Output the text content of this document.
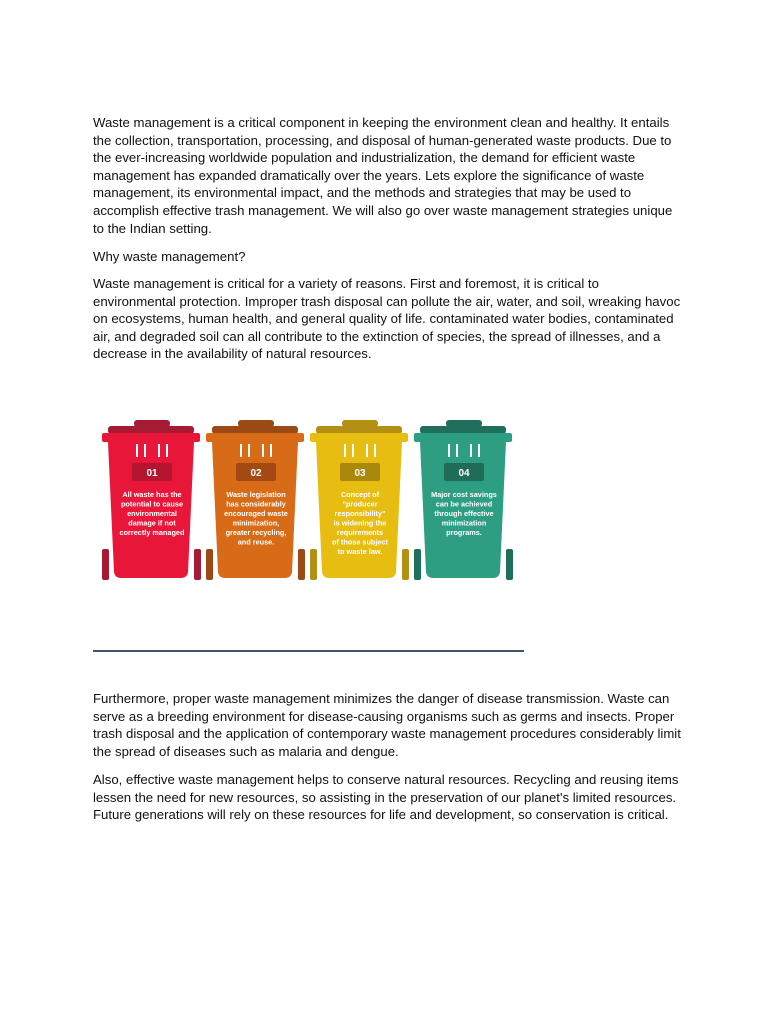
Waste management is a critical component in keeping the environment clean and healthy. It entails the collection, transportation, processing, and disposal of human-generated waste products. Due to the ever-increasing worldwide population and industrialization, the demand for efficient waste management has expanded dramatically over the years. Lets explore the significance of waste management, its environmental impact, and the methods and strategies that may be used to accomplish effective trash management. We will also go over waste management strategies unique to the Indian setting.

Why waste management?

Waste management is critical for a variety of reasons. First and foremost, it is critical to environmental protection. Improper trash disposal can pollute the air, water, and soil, wreaking havoc on ecosystems, human health, and general quality of life. contaminated water bodies, contaminated air, and degraded soil can all contribute to the extinction of species, the spread of illnesses, and a decrease in the availability of natural resources.

01
All waste has the
potential to cause
environmental
damage if not
correctly managed
02
Waste legislation
has considerably
encouraged waste
minimization,
greater recycling,
and reuse.
03
Concept of
"producer
responsibility"
is widening the
requirements
of those subject
to waste law.
04
Major cost savings
can be achieved
through effective
minimization
programs.

Furthermore, proper waste management minimizes the danger of disease transmission. Waste can serve as a breeding environment for disease-causing organisms such as germs and insects. Proper trash disposal and the application of contemporary waste management procedures considerably limit the spread of diseases such as malaria and dengue.

Also, effective waste management helps to conserve natural resources. Recycling and reusing items lessen the need for new resources, so assisting in the preservation of our planet's limited resources. Future generations will rely on these resources for life and development, so conservation is critical.
